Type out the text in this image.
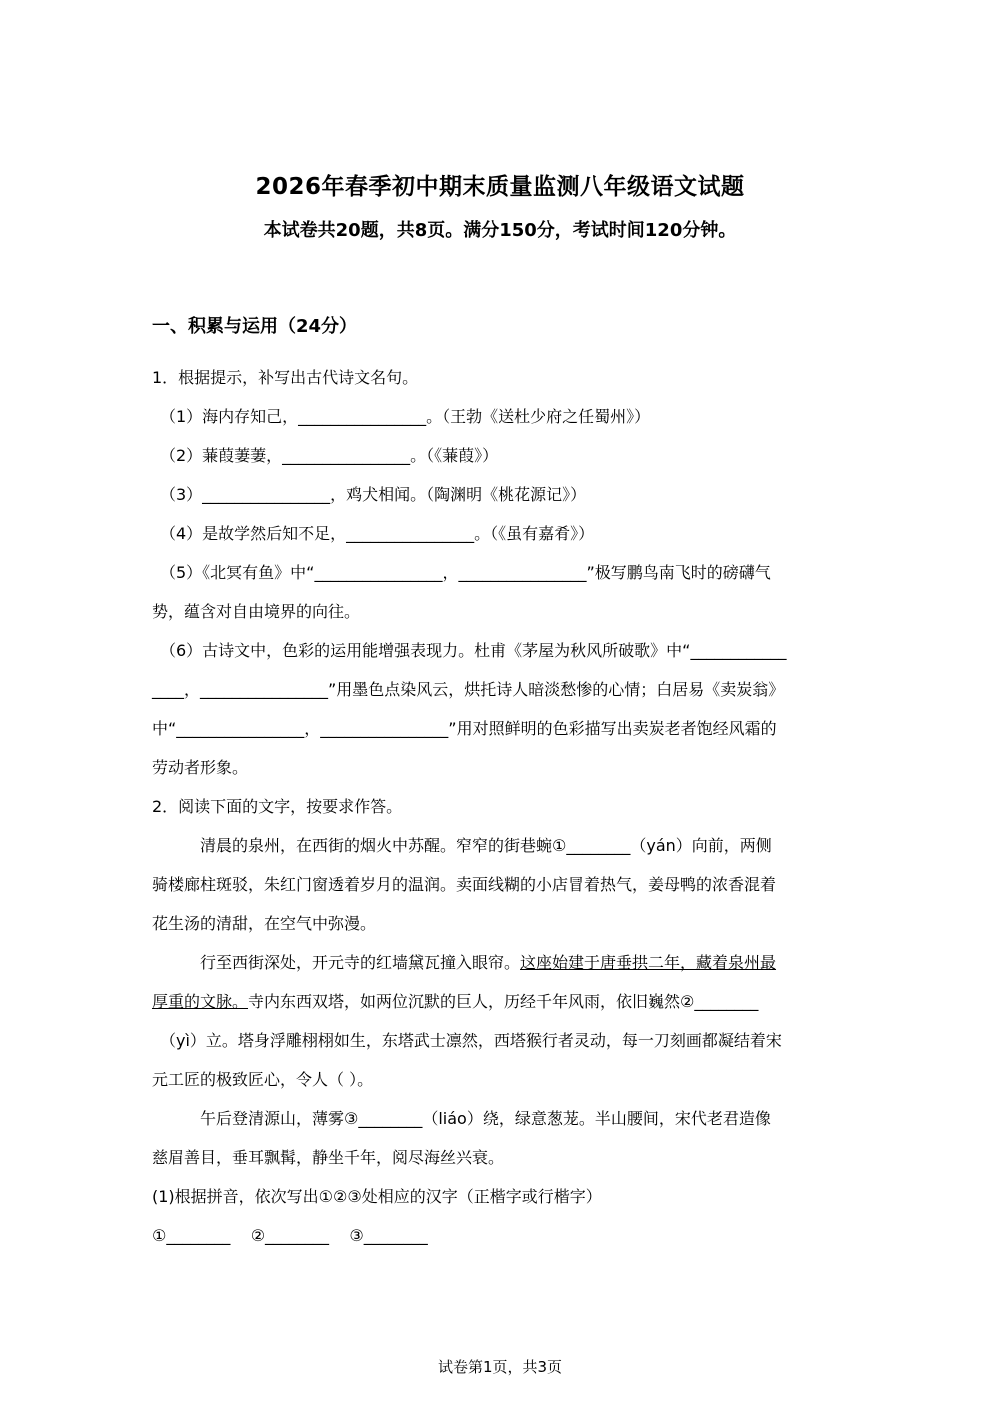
2026年春季初中期末质量监测八年级语文试题
本试卷共20题，共8页。满分150分，考试时间120分钟。
一、积累与运用（24分）
1．根据提示，补写出古代诗文名句。
（1）海内存知己，________________。（王勃《送杜少府之任蜀州》）
（2）蒹葭萋萋，________________。（《蒹葭》）
（3）________________，鸡犬相闻。（陶渊明《桃花源记》）
（4）是故学然后知不足，________________。（《虽有嘉肴》）
（5）《北冥有鱼》中“________________，________________”极写鹏鸟南飞时的磅礴气
势，蕴含对自由境界的向往。
（6）古诗文中，色彩的运用能增强表现力。杜甫《茅屋为秋风所破歌》中“____________
____，________________”用墨色点染风云，烘托诗人暗淡愁惨的心情；白居易《卖炭翁》
中“________________，________________”用对照鲜明的色彩描写出卖炭老者饱经风霜的
劳动者形象。
2．阅读下面的文字，按要求作答。
清晨的泉州，在西街的烟火中苏醒。窄窄的街巷蜿①________（yán）向前，两侧
骑楼廊柱斑驳，朱红门窗透着岁月的温润。卖面线糊的小店冒着热气，姜母鸭的浓香混着
花生汤的清甜，在空气中弥漫。
行至西街深处，开元寺的红墙黛瓦撞入眼帘。这座始建于唐垂拱二年，藏着泉州最
厚重的文脉。寺内东西双塔，如两位沉默的巨人，历经千年风雨，依旧巍然②________
（yì）立。塔身浮雕栩栩如生，东塔武士凛然，西塔猴行者灵动，每一刀刻画都凝结着宋
元工匠的极致匠心，令人（ ）。
午后登清源山，薄雾③________（liáo）绕，绿意葱茏。半山腰间，宋代老君造像
慈眉善目，垂耳飘髯，静坐千年，阅尽海丝兴衰。
(1)根据拼音，依次写出①②③处相应的汉字（正楷字或行楷字）
①________    ②________    ③________
试卷第1页，共3页
